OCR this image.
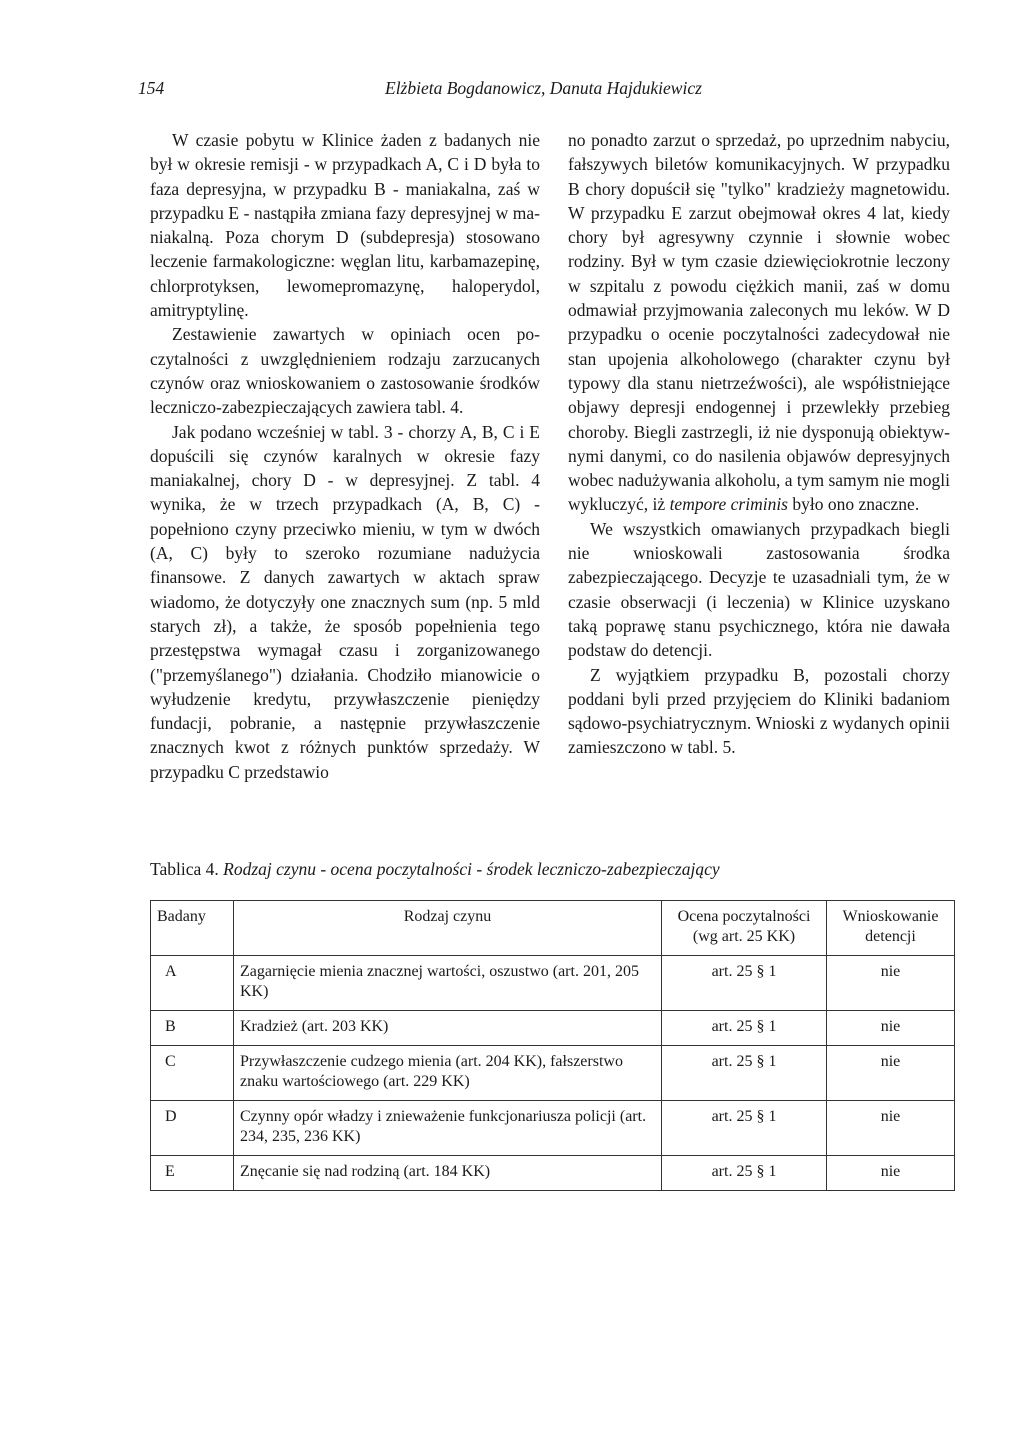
154	Elżbieta Bogdanowicz, Danuta Hajdukiewicz

W czasie pobytu w Klinice żaden z badanych nie był w okresie remisji - w przypadkach A, C i D była to faza depresyjna, w przypadku B - maniakalna, zaś w przypadku E - nastąpiła zmiana fazy depresyjnej w maniakalną. Poza chorym D (subdepresja) stosowano leczenie farmakologiczne: węglan litu, karbamazepinę, chlorprotyksen, lewomepromazynę, haloperydol, amitryptylinę.

Zestawienie zawartych w opiniach ocen poczytalności z uwzględnieniem rodzaju zarzucanych czynów oraz wnioskowaniem o zastosowanie środków leczniczo-zabezpieczających zawiera tabl. 4.

Jak podano wcześniej w tabl. 3 - chorzy A, B, C i E dopuścili się czynów karalnych w okresie fazy maniakalnej, chory D - w depresyjnej. Z tabl. 4 wynika, że w trzech przypadkach (A, B, C) - popełniono czyny przeciwko mieniu, w tym w dwóch (A, C) były to szeroko rozumiane nadużycia finansowe. Z danych zawartych w aktach spraw wiadomo, że dotyczyły one znacznych sum (np. 5 mld starych zł), a także, że sposób popełnienia tego przestępstwa wymagał czasu i zorganizowanego ("przemyślanego") działania. Chodziło mianowicie o wyłudzenie kredytu, przywłaszczenie pieniędzy fundacji, pobranie, a następnie przywłaszczenie znacznych kwot z różnych punktów sprzedaży. W przypadku C przedstawio

no ponadto zarzut o sprzedaż, po uprzednim nabyciu, fałszywych biletów komunikacyjnych. W przypadku B chory dopuścił się "tylko" kradzieży magnetowidu. W przypadku E zarzut obejmował okres 4 lat, kiedy chory był agresywny czynnie i słownie wobec rodziny. Był w tym czasie dziewięciokrotnie leczony w szpitalu z powodu ciężkich manii, zaś w domu odmawiał przyjmowania zaleconych mu leków. W D przypadku o ocenie poczytalności zadecydował nie stan upojenia alkoholowego (charakter czynu był typowy dla stanu nietrzeźwości), ale współistniejące objawy depresji endogennej i przewlekły przebieg choroby. Biegli zastrzegli, iż nie dysponują obiektywnymi danymi, co do nasilenia objawów depresyjnych wobec nadużywania alkoholu, a tym samym nie mogli wykluczyć, iż tempore criminis było ono znaczne.

We wszystkich omawianych przypadkach biegli nie wnioskowali zastosowania środka zabezpieczającego. Decyzje te uzasadniali tym, że w czasie obserwacji (i leczenia) w Klinice uzyskano taką poprawę stanu psychicznego, która nie dawała podstaw do detencji.

Z wyjątkiem przypadku B, pozostali chorzy poddani byli przed przyjęciem do Kliniki badaniom sądowo-psychiatrycznym. Wnioski z wydanych opinii zamieszczono w tabl. 5.

Tablica 4. Rodzaj czynu - ocena poczytalności - środek leczniczo-zabezpieczający
Badany	Rodzaj czynu	Ocena poczytalności (wg art. 25 KK)	Wnioskowanie detencji
A	Zagarnięcie mienia znacznej wartości, oszustwo (art. 201, 205 KK)	art. 25 § 1	nie
B	Kradzież (art. 203 KK)	art. 25 § 1	nie
C	Przywłaszczenie cudzego mienia (art. 204 KK), fałszerstwo znaku wartościowego (art. 229 KK)	art. 25 § 1	nie
D	Czynny opór władzy i znieważenie funkcjonariusza policji (art. 234, 235, 236 KK)	art. 25 § 1	nie
E	Znęcanie się nad rodziną (art. 184 KK)	art. 25 § 1	nie
